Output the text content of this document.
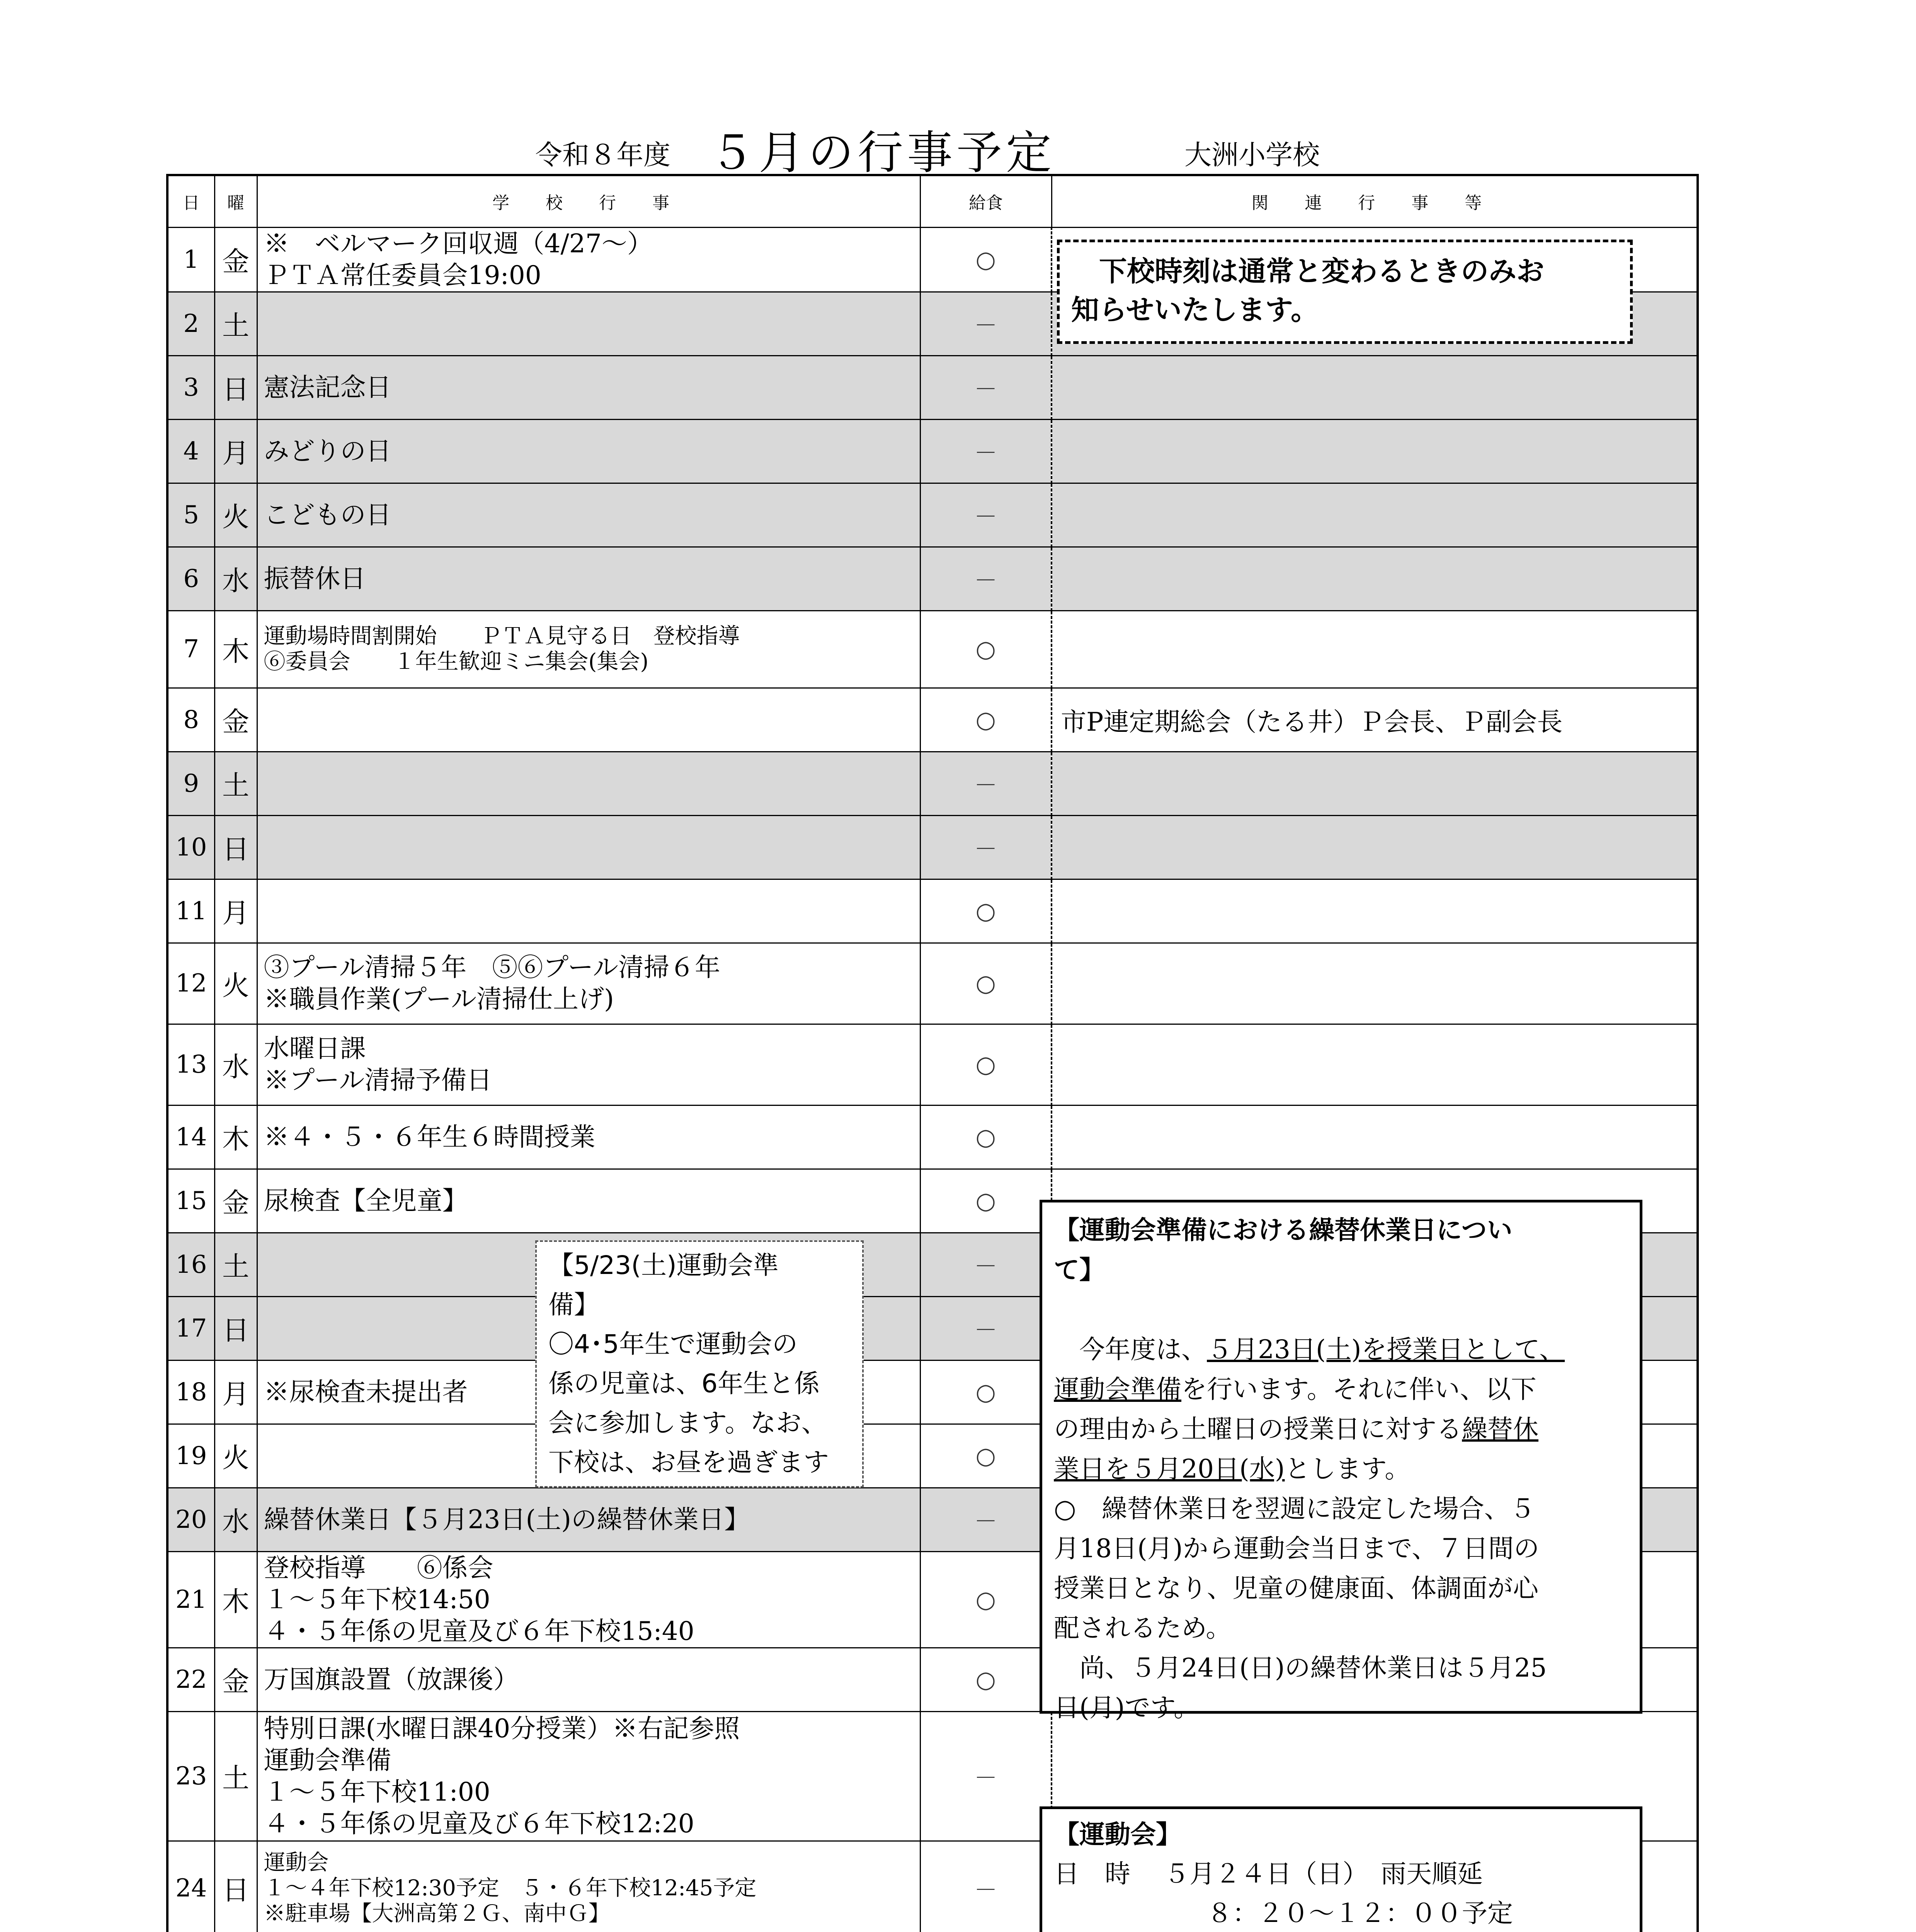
令和８年度 ５月の行事予定	大洲小学校
日	曜	学 校 行 事	給食	関 連 行 事 等
1	金	※　ベルマーク回収週（4/27～）
ＰＴＡ常任委員会19:00	○	
2	土		－	
3	日	憲法記念日	－	
4	月	みどりの日	－	
5	火	こどもの日	－	
6	水	振替休日	－	
7	木	運動場時間割開始　　ＰＴＡ見守る日　登校指導
⑥委員会　　１年生歓迎ミニ集会(集会)	○	
8	金		○	市P連定期総会（たる井）Ｐ会長、Ｐ副会長
9	土		－	
10	日		－	
11	月		○	
12	火	③プール清掃５年　⑤⑥プール清掃６年
※職員作業(プール清掃仕上げ)	○	
13	水	水曜日課
※プール清掃予備日	○	
14	木	※４・５・６年生６時間授業	○	
15	金	尿検査【全児童】	○	
16	土		－	
17	日		－	
18	月	※尿検査未提出者	○	
19	火		○	
20	水	繰替休業日【５月23日(土)の繰替休業日】	－	
21	木	登校指導　　⑥係会
１～５年下校14:50
４・５年係の児童及び６年下校15:40	○	
22	金	万国旗設置（放課後）	○	
23	土	特別日課(水曜日課40分授業）※右記参照
運動会準備
１～５年下校11:00
４・５年係の児童及び６年下校12:20	－	
24	日	運動会
１～４年下校12:30予定　５・６年下校12:45予定
※駐車場【大洲高第２Ｇ、南中Ｇ】	－	

　下校時刻は通常と変わるときのみお
知らせいたします。
【5/23(土)運動会準
備】
〇4･5年生で運動会の
係の児童は、6年生と係
会に参加します。なお、
下校は、お昼を過ぎます
【運動会準備における繰替休業日につい
て】

　今年度は、５月23日(土)を授業日として、
運動会準備を行います。それに伴い、以下
の理由から土曜日の授業日に対する繰替休
業日を５月20日(水)とします。
○　繰替休業日を翌週に設定した場合、５
月18日(月)から運動会当日まで、７日間の
授業日となり、児童の健康面、体調面が心
配されるため。
　尚、５月24日(日)の繰替休業日は５月25
日(月)です。
【運動会】
日　時　 ５月２４日（日）　雨天順延
　　　　　　８：２０～１２：００予定
